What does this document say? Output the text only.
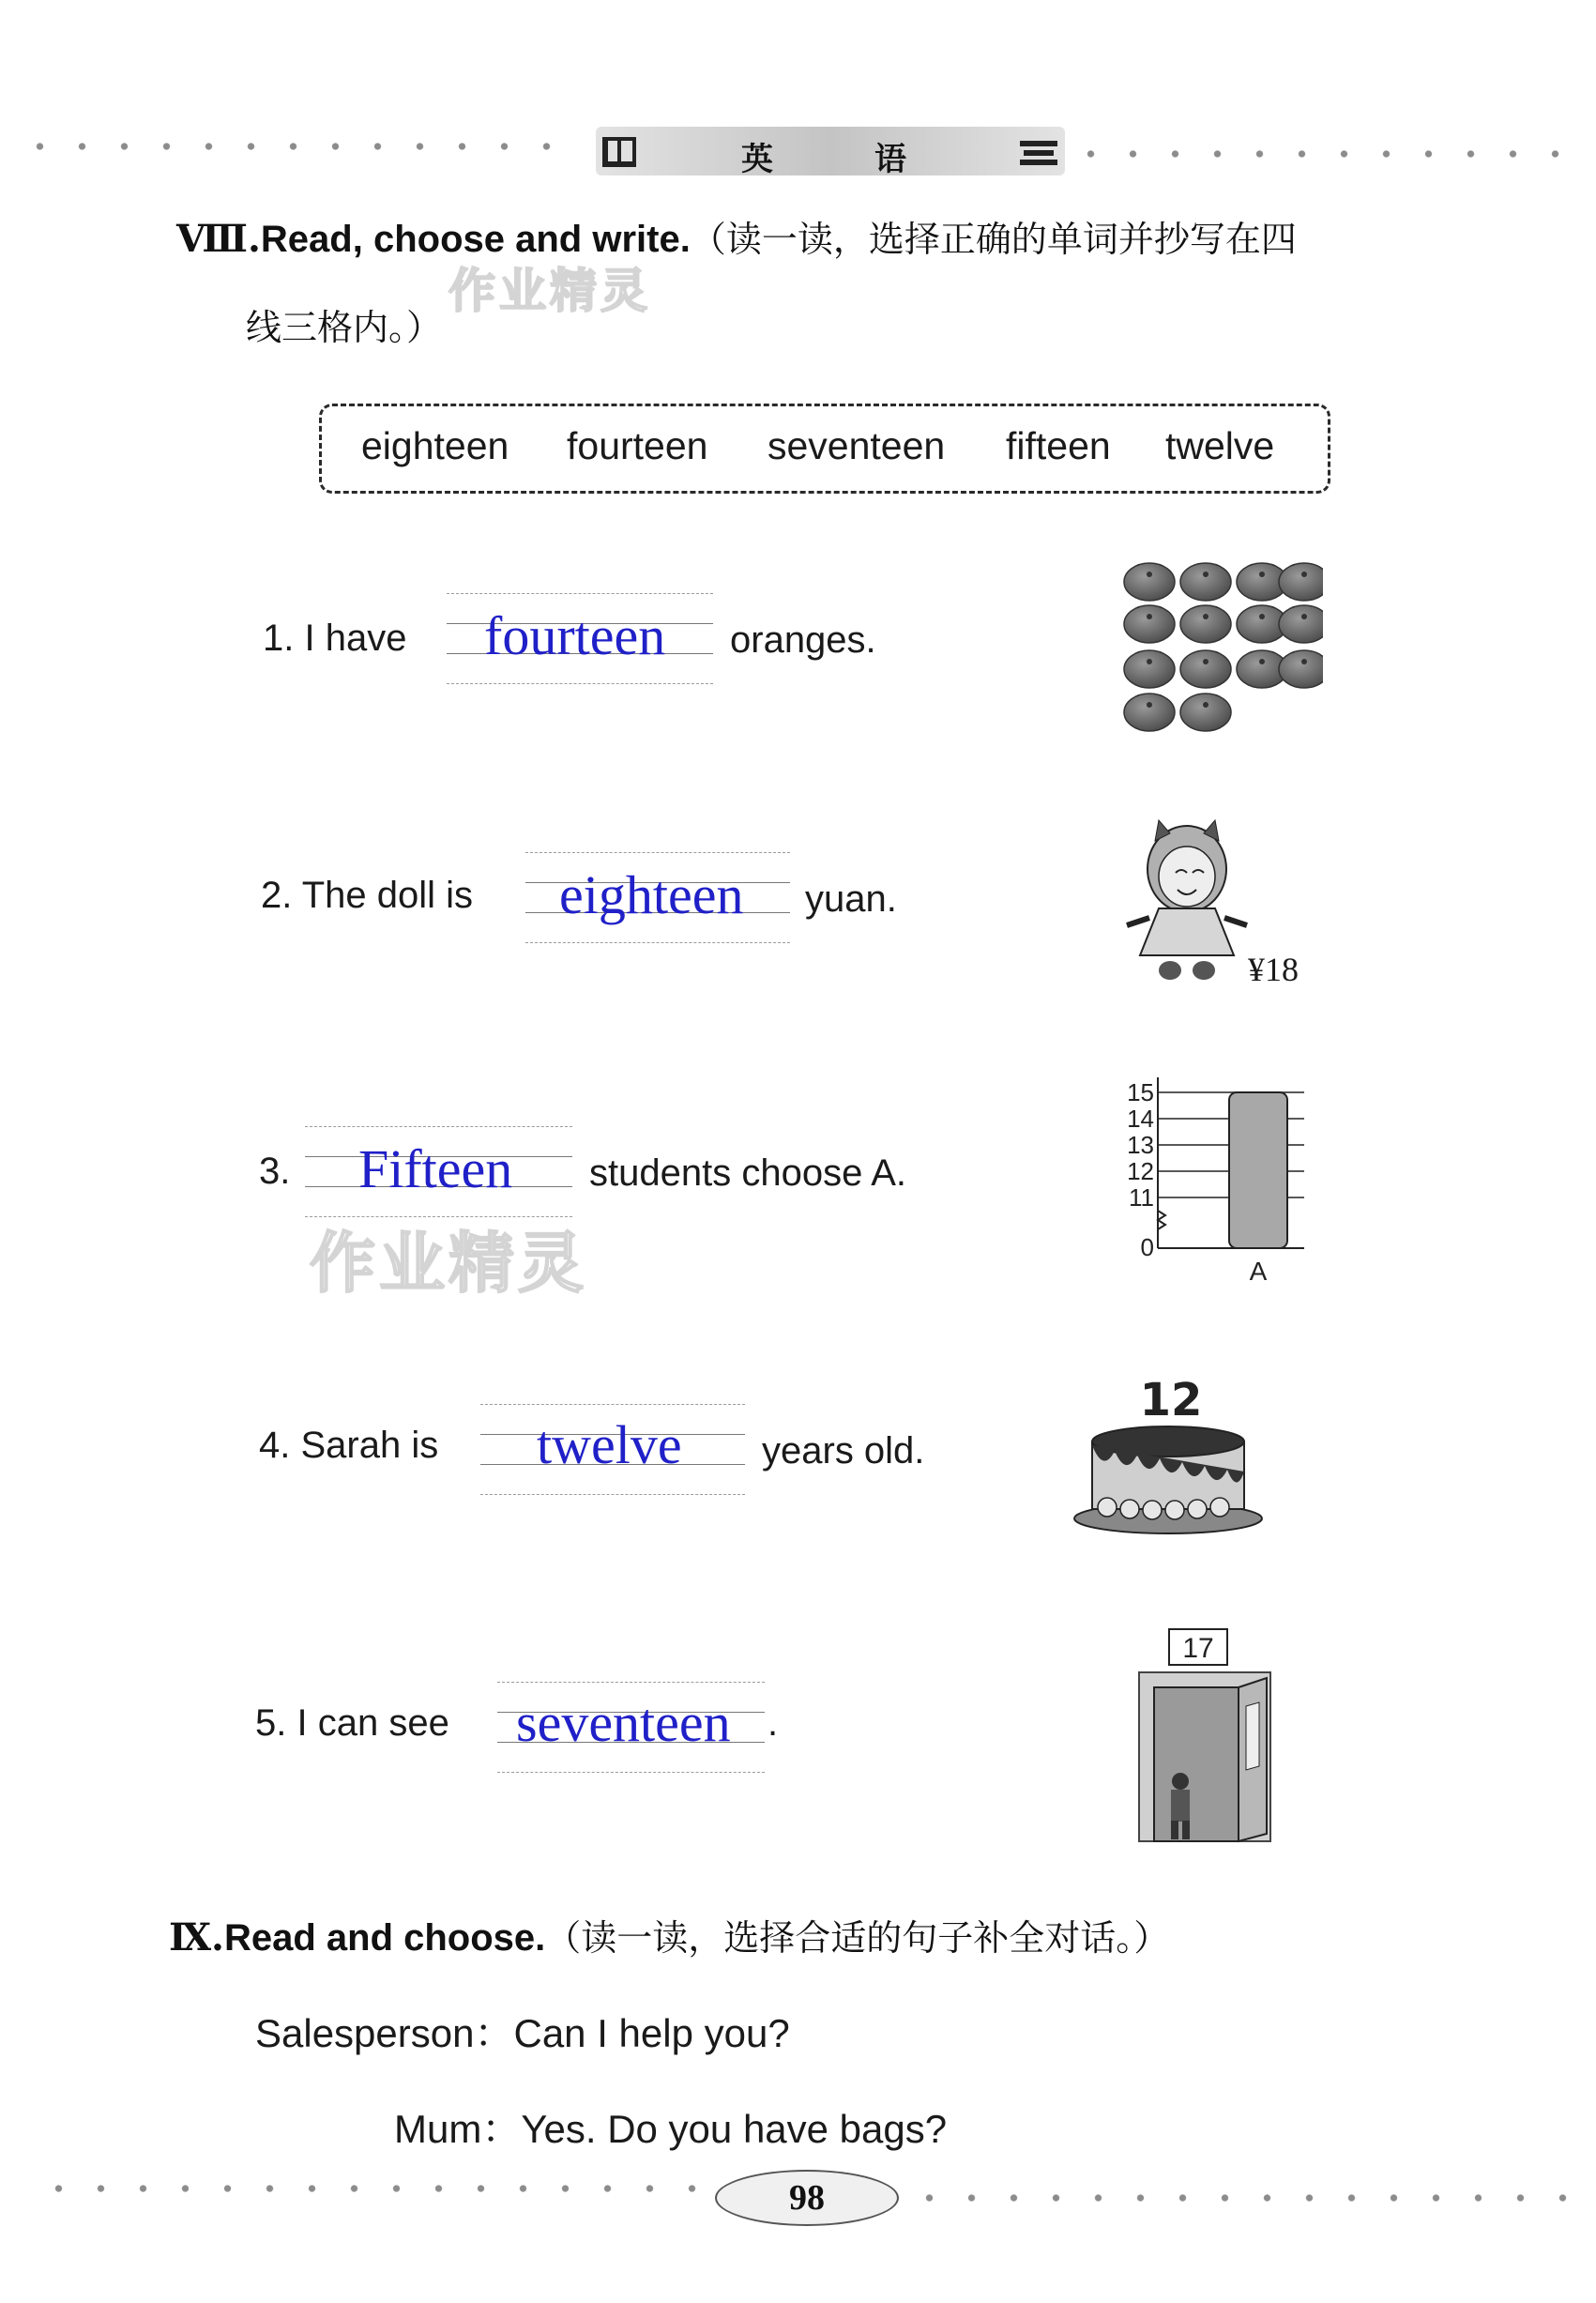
英	语
Ⅷ.Read, choose and write.（读一读，选择正确的单词并抄写在四
线三格内。）
作业精灵
eighteen fourteen seventeen fifteen twelve
1. I have fourteen oranges.
2. The doll is eighteen yuan.
¥18
3. Fifteen students choose A.
作业精灵
15
14
13
12
11
0
A
4. Sarah is twelve years old.
12
5. I can see seventeen .
17
Ⅸ.Read and choose.（读一读，选择合适的句子补全对话。）
Salesperson：Can I help you?
Mum：Yes. Do you have bags?
98
